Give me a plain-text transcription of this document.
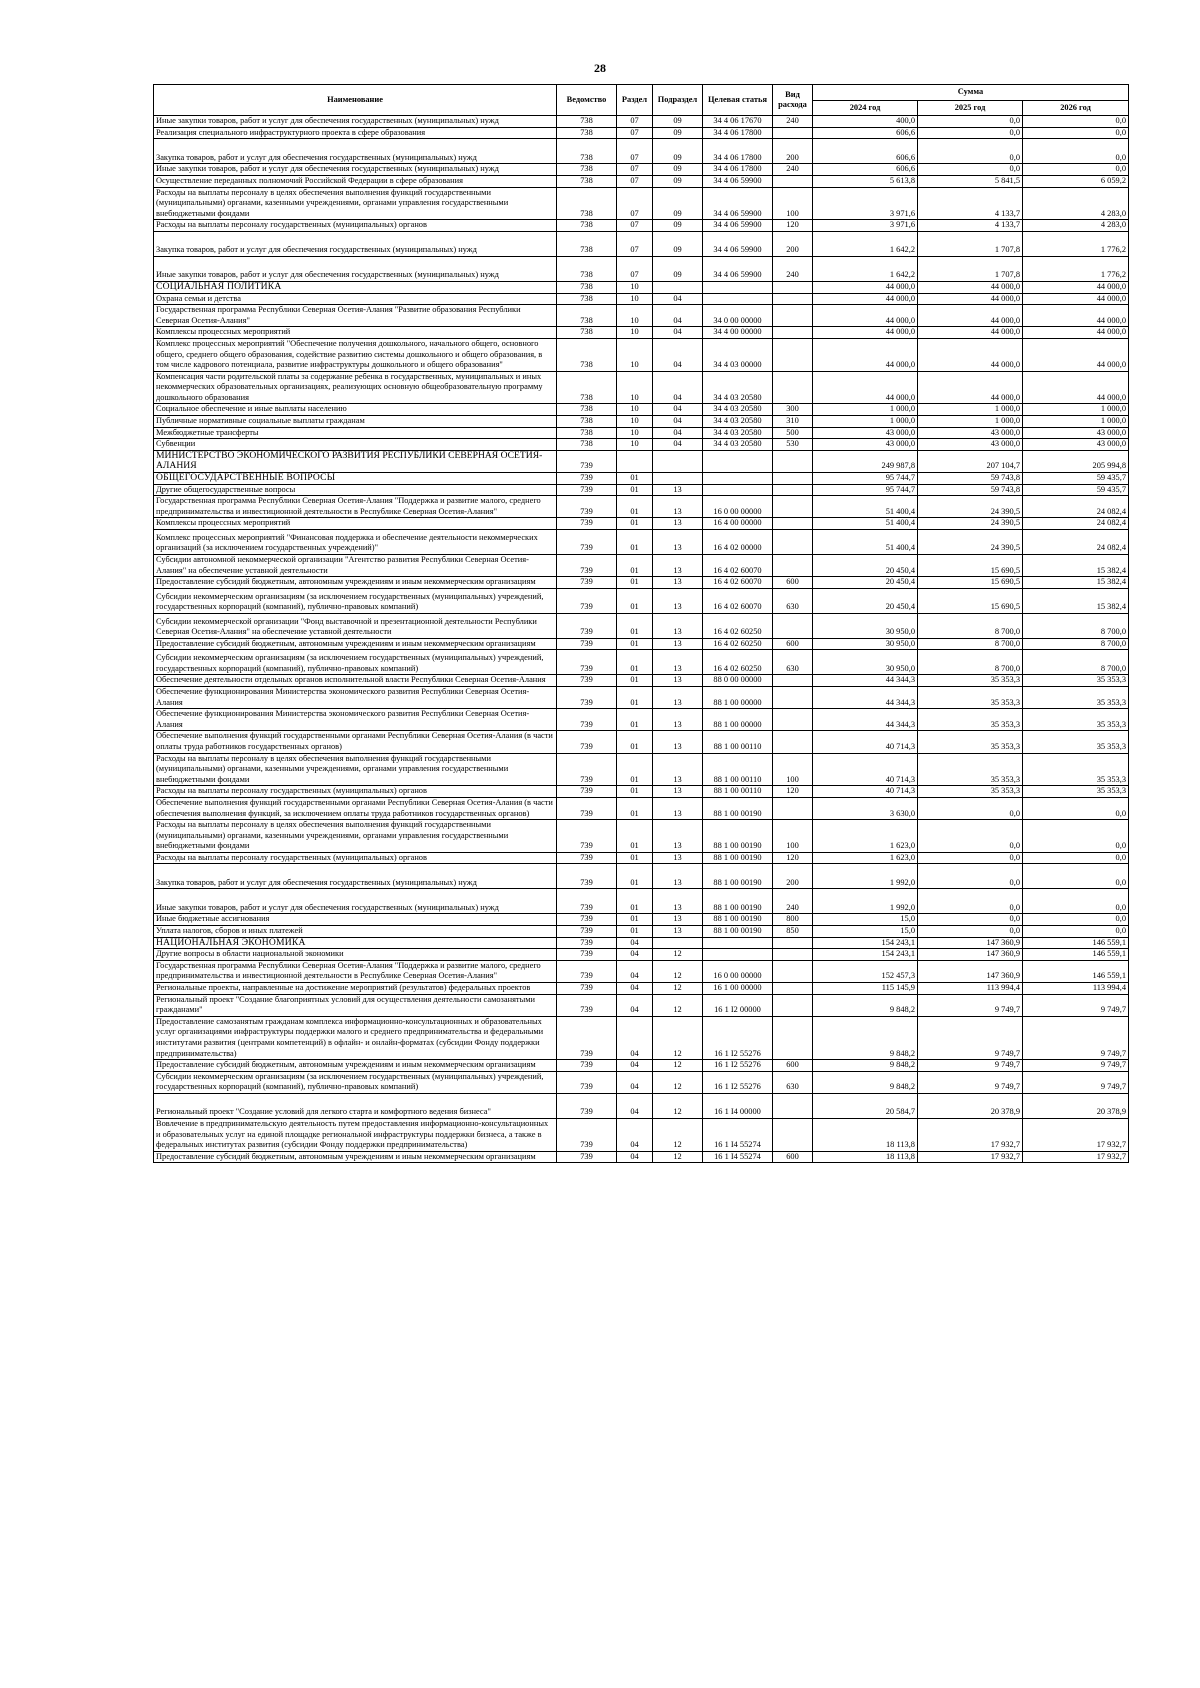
28
Наименование	Ведомство	Раздел	Подраздел	Целевая статья	Вид расхода	Сумма		
						2024 год	2025 год	2026 год
Иные закупки товаров, работ и услуг для обеспечения государственных (муниципальных) нужд	738	07	09	34 4 06 17670	240	400,0	0,0	0,0
Реализация специального инфраструктурного проекта в сфере образования	738	07	09	34 4 06 17800		606,6	0,0	0,0
Закупка товаров, работ и услуг для обеспечения государственных (муниципальных) нужд	738	07	09	34 4 06 17800	200	606,6	0,0	0,0
Иные закупки товаров, работ и услуг для обеспечения государственных (муниципальных) нужд	738	07	09	34 4 06 17800	240	606,6	0,0	0,0
Осуществление переданных полномочий Российской Федерации в сфере образования	738	07	09	34 4 06 59900		5 613,8	5 841,5	6 059,2
Расходы на выплаты персоналу в целях обеспечения выполнения функций государственными (муниципальными) органами, казенными учреждениями, органами управления государственными внебюджетными фондами	738	07	09	34 4 06 59900	100	3 971,6	4 133,7	4 283,0
Расходы на выплаты персоналу государственных (муниципальных) органов	738	07	09	34 4 06 59900	120	3 971,6	4 133,7	4 283,0
Закупка товаров, работ и услуг для обеспечения государственных (муниципальных) нужд	738	07	09	34 4 06 59900	200	1 642,2	1 707,8	1 776,2
Иные закупки товаров, работ и услуг для обеспечения государственных (муниципальных) нужд	738	07	09	34 4 06 59900	240	1 642,2	1 707,8	1 776,2
СОЦИАЛЬНАЯ ПОЛИТИКА	738	10				44 000,0	44 000,0	44 000,0
Охрана семьи и детства	738	10	04			44 000,0	44 000,0	44 000,0
Государственная программа Республики Северная Осетия-Алания "Развитие образования Республики Северная Осетия-Алания"	738	10	04	34 0 00 00000		44 000,0	44 000,0	44 000,0
Комплексы процессных мероприятий	738	10	04	34 4 00 00000		44 000,0	44 000,0	44 000,0
Комплекс процессных мероприятий "Обеспечение получения дошкольного, начального общего, основного общего, среднего общего образования, содействие развитию системы дошкольного и общего образования, в том числе кадрового потенциала, развитие инфраструктуры дошкольного и общего образования"	738	10	04	34 4 03 00000		44 000,0	44 000,0	44 000,0
Компенсация части родительской платы за содержание ребенка в государственных, муниципальных и иных некоммерческих образовательных организациях, реализующих основную общеобразовательную программу дошкольного образования	738	10	04	34 4 03 20580		44 000,0	44 000,0	44 000,0
Социальное обеспечение и иные выплаты населению	738	10	04	34 4 03 20580	300	1 000,0	1 000,0	1 000,0
Публичные нормативные социальные выплаты гражданам	738	10	04	34 4 03 20580	310	1 000,0	1 000,0	1 000,0
Межбюджетные трансферты	738	10	04	34 4 03 20580	500	43 000,0	43 000,0	43 000,0
Субвенции	738	10	04	34 4 03 20580	530	43 000,0	43 000,0	43 000,0
МИНИСТЕРСТВО ЭКОНОМИЧЕСКОГО РАЗВИТИЯ РЕСПУБЛИКИ СЕВЕРНАЯ ОСЕТИЯ-АЛАНИЯ	739					249 987,8	207 104,7	205 994,8
ОБЩЕГОСУДАРСТВЕННЫЕ ВОПРОСЫ	739	01				95 744,7	59 743,8	59 435,7
Другие общегосударственные вопросы	739	01	13			95 744,7	59 743,8	59 435,7
Государственная программа Республики Северная Осетия-Алания "Поддержка и развитие малого, среднего предпринимательства и инвестиционной деятельности в Республике Северная Осетия-Алания"	739	01	13	16 0 00 00000		51 400,4	24 390,5	24 082,4
Комплексы процессных мероприятий	739	01	13	16 4 00 00000		51 400,4	24 390,5	24 082,4
Комплекс процессных мероприятий "Финансовая поддержка и обеспечение деятельности некоммерческих организаций (за исключением государственных учреждений)"	739	01	13	16 4 02 00000		51 400,4	24 390,5	24 082,4
Субсидии автономной некоммерческой организации "Агентство развития Республики Северная Осетия-Алания" на обеспечение уставной деятельности	739	01	13	16 4 02 60070		20 450,4	15 690,5	15 382,4
Предоставление субсидий бюджетным, автономным учреждениям и иным некоммерческим организациям	739	01	13	16 4 02 60070	600	20 450,4	15 690,5	15 382,4
Субсидии некоммерческим организациям (за исключением государственных (муниципальных) учреждений, государственных корпораций (компаний), публично-правовых компаний)	739	01	13	16 4 02 60070	630	20 450,4	15 690,5	15 382,4
Субсидии некоммерческой организации "Фонд выставочной и презентационной деятельности Республики Северная Осетия-Алания" на обеспечение уставной деятельности	739	01	13	16 4 02 60250		30 950,0	8 700,0	8 700,0
Предоставление субсидий бюджетным, автономным учреждениям и иным некоммерческим организациям	739	01	13	16 4 02 60250	600	30 950,0	8 700,0	8 700,0
Субсидии некоммерческим организациям (за исключением государственных (муниципальных) учреждений, государственных корпораций (компаний), публично-правовых компаний)	739	01	13	16 4 02 60250	630	30 950,0	8 700,0	8 700,0
Обеспечение деятельности отдельных органов исполнительной власти Республики Северная Осетия-Алания	739	01	13	88 0 00 00000		44 344,3	35 353,3	35 353,3
Обеспечение функционирования Министерства экономического развития Республики Северная Осетия-Алания	739	01	13	88 1 00 00000		44 344,3	35 353,3	35 353,3
Обеспечение функционирования Министерства экономического развития Республики Северная Осетия-Алания	739	01	13	88 1 00 00000		44 344,3	35 353,3	35 353,3
Обеспечение выполнения функций государственными органами Республики Северная Осетия-Алания (в части оплаты труда работников государственных органов)	739	01	13	88 1 00 00110		40 714,3	35 353,3	35 353,3
Расходы на выплаты персоналу в целях обеспечения выполнения функций государственными (муниципальными) органами, казенными учреждениями, органами управления государственными внебюджетными фондами	739	01	13	88 1 00 00110	100	40 714,3	35 353,3	35 353,3
Расходы на выплаты персоналу государственных (муниципальных) органов	739	01	13	88 1 00 00110	120	40 714,3	35 353,3	35 353,3
Обеспечение выполнения функций государственными органами Республики Северная Осетия-Алания (в части обеспечения выполнения функций, за исключением оплаты труда работников государственных органов)	739	01	13	88 1 00 00190		3 630,0	0,0	0,0
Расходы на выплаты персоналу в целях обеспечения выполнения функций государственными (муниципальными) органами, казенными учреждениями, органами управления государственными внебюджетными фондами	739	01	13	88 1 00 00190	100	1 623,0	0,0	0,0
Расходы на выплаты персоналу государственных (муниципальных) органов	739	01	13	88 1 00 00190	120	1 623,0	0,0	0,0
Закупка товаров, работ и услуг для обеспечения государственных (муниципальных) нужд	739	01	13	88 1 00 00190	200	1 992,0	0,0	0,0
Иные закупки товаров, работ и услуг для обеспечения государственных (муниципальных) нужд	739	01	13	88 1 00 00190	240	1 992,0	0,0	0,0
Иные бюджетные ассигнования	739	01	13	88 1 00 00190	800	15,0	0,0	0,0
Уплата налогов, сборов и иных платежей	739	01	13	88 1 00 00190	850	15,0	0,0	0,0
НАЦИОНАЛЬНАЯ ЭКОНОМИКА	739	04				154 243,1	147 360,9	146 559,1
Другие вопросы в области национальной экономики	739	04	12			154 243,1	147 360,9	146 559,1
Государственная программа Республики Северная Осетия-Алания "Поддержка и развитие малого, среднего предпринимательства и инвестиционной деятельности в Республике Северная Осетия-Алания"	739	04	12	16 0 00 00000		152 457,3	147 360,9	146 559,1
Региональные проекты, направленные на достижение мероприятий (результатов) федеральных проектов	739	04	12	16 1 00 00000		115 145,9	113 994,4	113 994,4
Региональный проект "Создание благоприятных условий для осуществления деятельности самозанятыми гражданами"	739	04	12	16 1 I2 00000		9 848,2	9 749,7	9 749,7
Предоставление самозанятым гражданам комплекса информационно-консультационных и образовательных услуг организациями инфраструктуры поддержки малого и среднего предпринимательства и федеральными институтами развития (центрами компетенций) в офлайн- и онлайн-форматах (субсидии Фонду поддержки предпринимательства)	739	04	12	16 1 I2 55276		9 848,2	9 749,7	9 749,7
Предоставление субсидий бюджетным, автономным учреждениям и иным некоммерческим организациям	739	04	12	16 1 I2 55276	600	9 848,2	9 749,7	9 749,7
Субсидии некоммерческим организациям (за исключением государственных (муниципальных) учреждений, государственных корпораций (компаний), публично-правовых компаний)	739	04	12	16 1 I2 55276	630	9 848,2	9 749,7	9 749,7
Региональный проект "Создание условий для легкого старта и комфортного ведения бизнеса"	739	04	12	16 1 I4 00000		20 584,7	20 378,9	20 378,9
Вовлечение в предпринимательскую деятельность путем предоставления информационно-консультационных и образовательных услуг на единой площадке региональной инфраструктуры поддержки бизнеса, а также в федеральных институтах развития (субсидии Фонду поддержки предпринимательства)	739	04	12	16 1 I4 55274		18 113,8	17 932,7	17 932,7
Предоставление субсидий бюджетным, автономным учреждениям и иным некоммерческим организациям	739	04	12	16 1 I4 55274	600	18 113,8	17 932,7	17 932,7
